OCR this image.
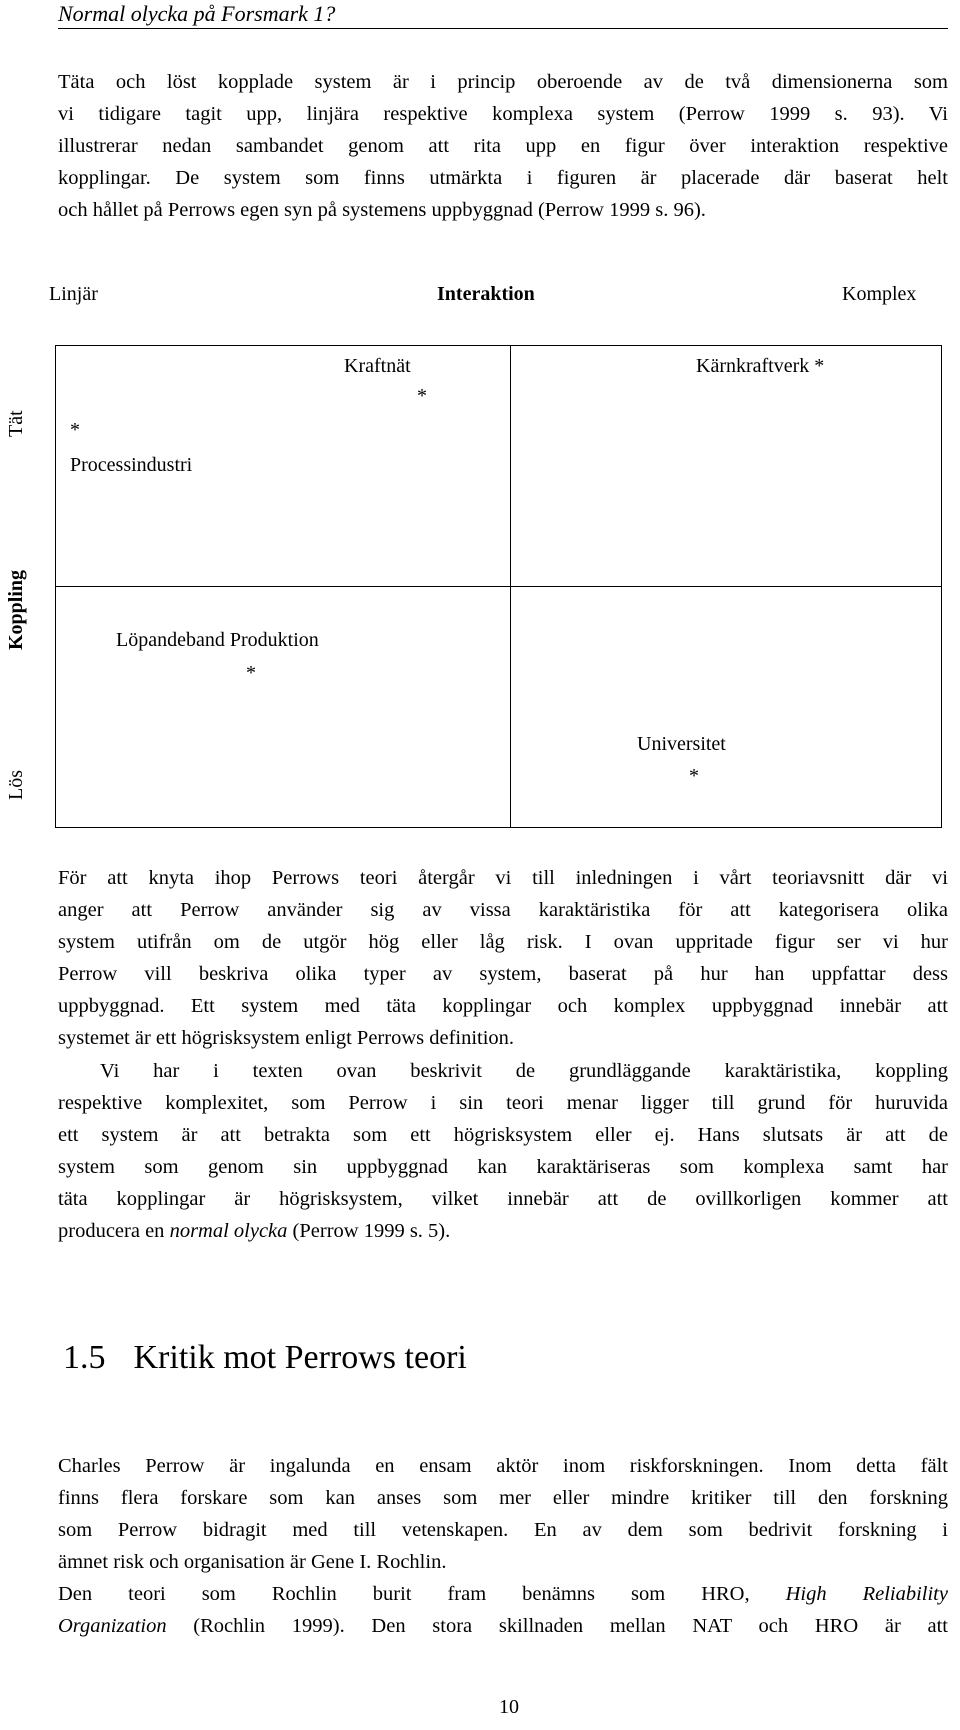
Normal olycka på Forsmark 1?
Täta och löst kopplade system är i princip oberoende av de två dimensionerna som
vi tidigare tagit upp, linjära respektive komplexa system (Perrow 1999 s. 93). Vi
illustrerar nedan sambandet genom att rita upp en figur över interaktion respektive
kopplingar. De system som finns utmärkta i figuren är placerade där baserat helt
och hållet på Perrows egen syn på systemens uppbyggnad (Perrow 1999 s. 96).
Linjär	Interaktion	Komplex
Tät
Koppling
Lös
Kraftnät
*
Kärnkraftverk *
*
Processindustri
Löpandeband Produktion
*
Universitet
*
För att knyta ihop Perrows teori återgår vi till inledningen i vårt teoriavsnitt där vi
anger att Perrow använder sig av vissa karaktäristika för att kategorisera olika
system utifrån om de utgör hög eller låg risk. I ovan uppritade figur ser vi hur
Perrow vill beskriva olika typer av system, baserat på hur han uppfattar dess
uppbyggnad. Ett system med täta kopplingar och komplex uppbyggnad innebär att
systemet är ett högrisksystem enligt Perrows definition.
Vi har i texten ovan beskrivit de grundläggande karaktäristika, koppling
respektive komplexitet, som Perrow i sin teori menar ligger till grund för huruvida
ett system är att betrakta som ett högrisksystem eller ej. Hans slutsats är att de
system som genom sin uppbyggnad kan karaktäriseras som komplexa samt har
täta kopplingar är högrisksystem, vilket innebär att de ovillkorligen kommer att
producera en normal olycka (Perrow 1999 s. 5).
1.5 Kritik mot Perrows teori
Charles Perrow är ingalunda en ensam aktör inom riskforskningen. Inom detta fält
finns flera forskare som kan anses som mer eller mindre kritiker till den forskning
som Perrow bidragit med till vetenskapen. En av dem som bedrivit forskning i
ämnet risk och organisation är Gene I. Rochlin.
Den teori som Rochlin burit fram benämns som HRO, High Reliability
Organization (Rochlin 1999). Den stora skillnaden mellan NAT och HRO är att
10
